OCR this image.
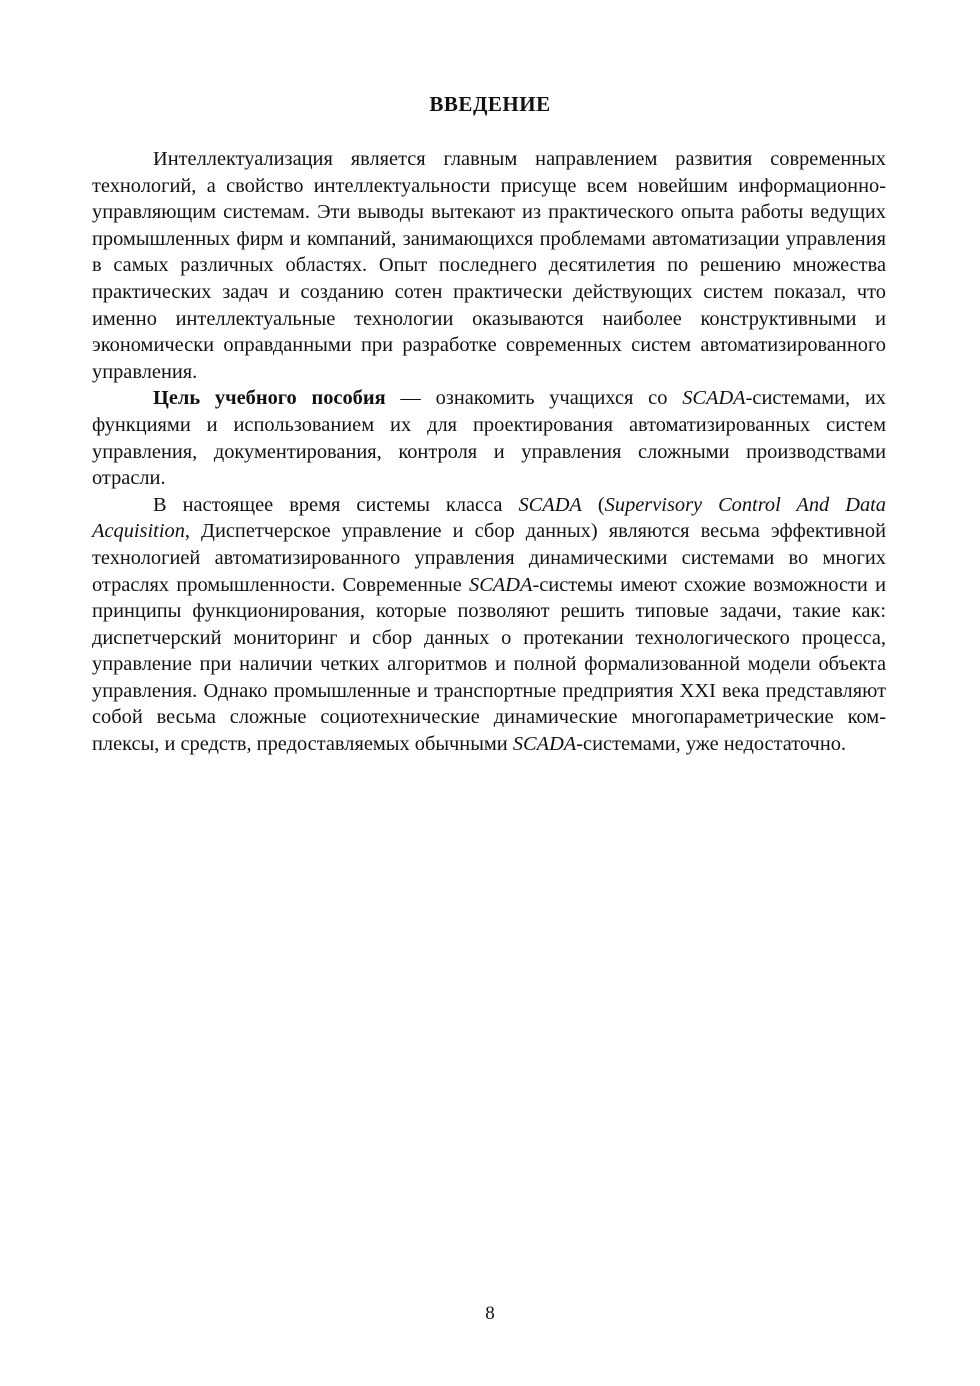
ВВЕДЕНИЕ

Интеллектуализация является главным направлением развития современных технологий, а свойство интеллектуальности присуще всем новейшим информационно-управляющим системам. Эти выводы вытекают из практического опыта работы ведущих промышленных фирм и компаний, занимающихся проблемами автоматизации управления в самых различных областях. Опыт последнего десятилетия по решению множества практических задач и созданию сотен практически действующих систем показал, что именно интеллектуальные технологии оказываются наиболее конструктивными и экономически оправданными при разработке современных систем автоматизированного управления.

Цель учебного пособия — ознакомить учащихся со SCADA-системами, их функциями и использованием их для проектирования автоматизированных систем управления, документирования, контроля и управления сложными производствами отрасли.

В настоящее время системы класса SCADA (Supervisory Control And Data Acquisition, Диспетчерское управление и сбор данных) являются весьма эффективной технологией автоматизированного управления динамическими системами во многих отраслях промышленности. Современные SCADA-системы имеют схожие возможности и принципы функционирования, которые позволяют решить типовые задачи, такие как: диспетчерский мониторинг и сбор данных о протекании технологического процесса, управление при наличии четких алгоритмов и полной формализованной модели объекта управления. Однако промышленные и транспортные предприятия XXI века представляют собой весьма сложные социотехнические динамические многопараметрические комплексы, и средств, предоставляемых обычными SCADA-системами, уже недостаточно.

8
